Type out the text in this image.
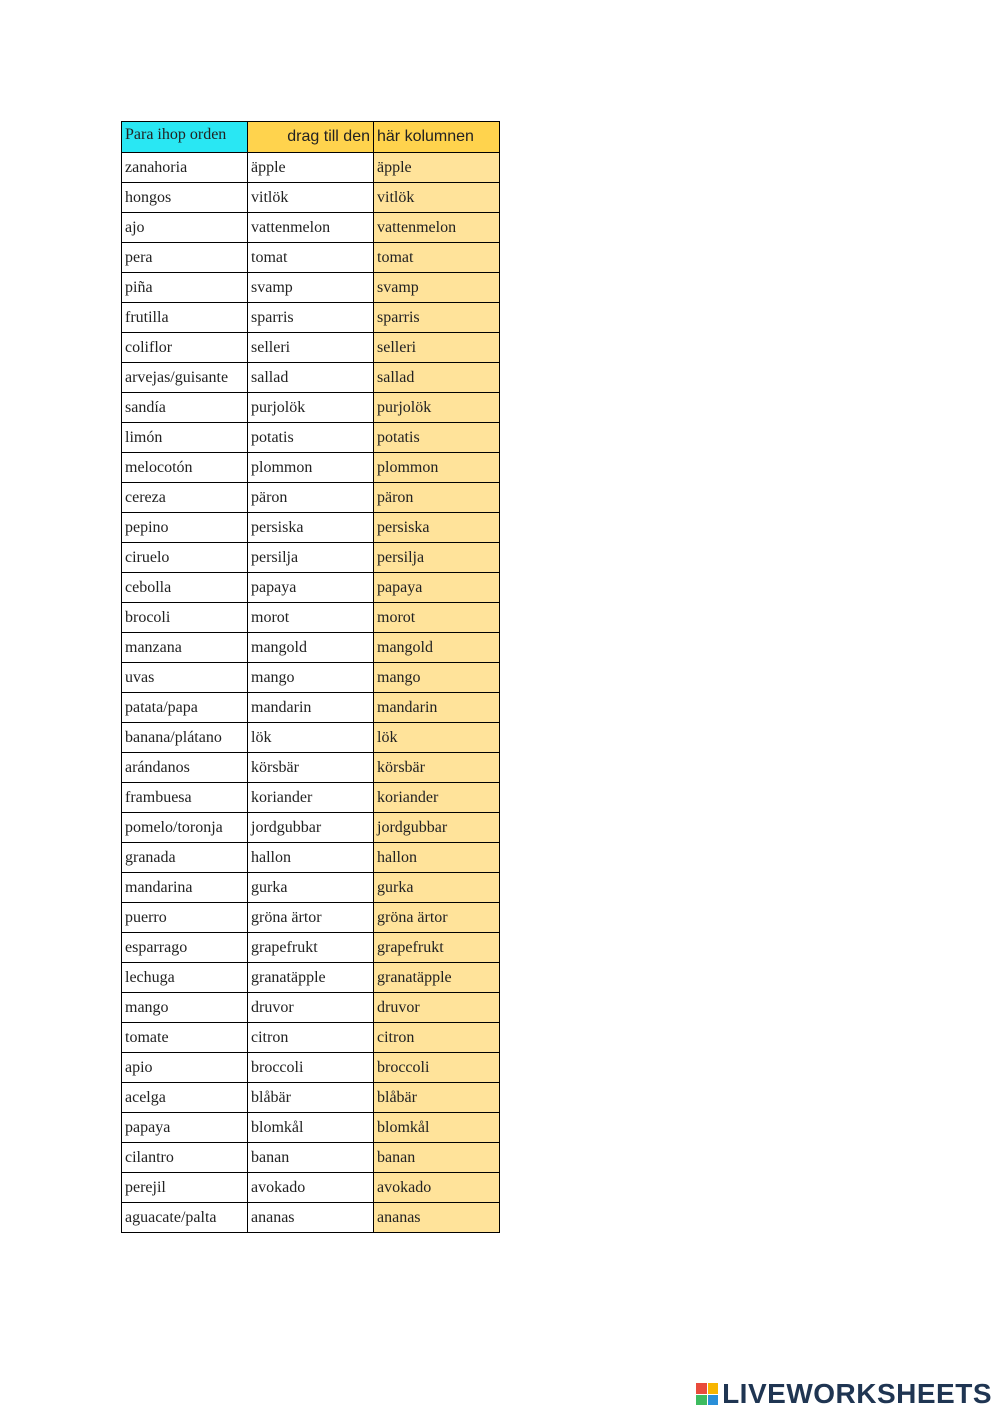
Para ihop orden	drag till den	här kolumnen
zanahoria	äpple	äpple
hongos	vitlök	vitlök
ajo	vattenmelon	vattenmelon
pera	tomat	tomat
piña	svamp	svamp
frutilla	sparris	sparris
coliflor	selleri	selleri
arvejas/guisante	sallad	sallad
sandía	purjolök	purjolök
limón	potatis	potatis
melocotón	plommon	plommon
cereza	päron	päron
pepino	persiska	persiska
ciruelo	persilja	persilja
cebolla	papaya	papaya
brocoli	morot	morot
manzana	mangold	mangold
uvas	mango	mango
patata/papa	mandarin	mandarin
banana/plátano	lök	lök
arándanos	körsbär	körsbär
frambuesa	koriander	koriander
pomelo/toronja	jordgubbar	jordgubbar
granada	hallon	hallon
mandarina	gurka	gurka
puerro	gröna ärtor	gröna ärtor
esparrago	grapefrukt	grapefrukt
lechuga	granatäpple	granatäpple
mango	druvor	druvor
tomate	citron	citron
apio	broccoli	broccoli
acelga	blåbär	blåbär
papaya	blomkål	blomkål
cilantro	banan	banan
perejil	avokado	avokado
aguacate/palta	ananas	ananas
LIVEWORKSHEETS
